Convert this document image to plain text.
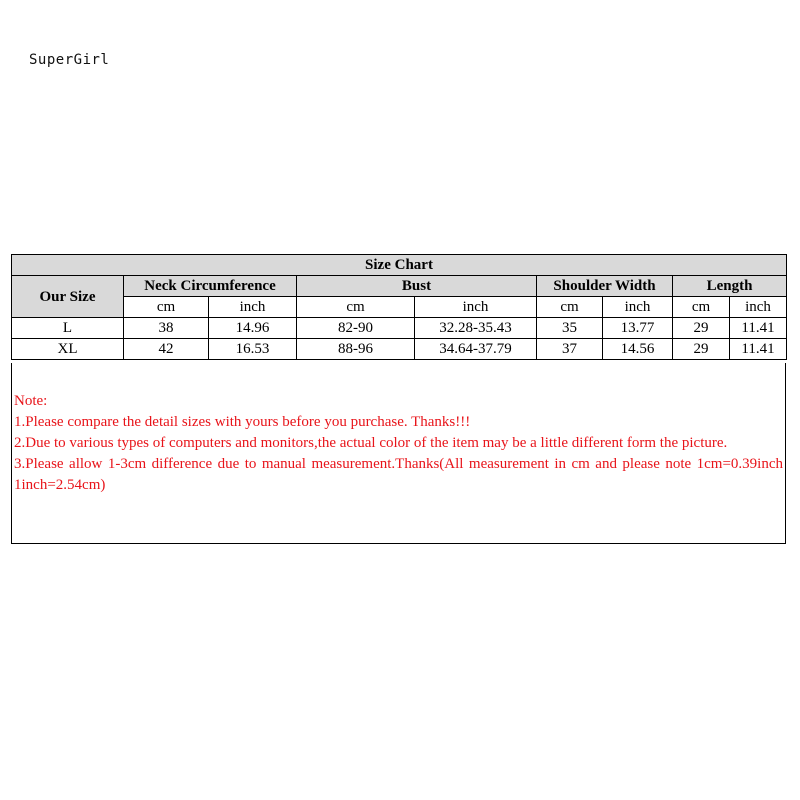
SuperGirl
Size Chart								
Our Size	Neck Circumference		Bust		Shoulder Width		Length	
	cm	inch	cm	inch	cm	inch	cm	inch
L	38	14.96	82-90	32.28-35.43	35	13.77	29	11.41
XL	42	16.53	88-96	34.64-37.79	37	14.56	29	11.41

Note:

1.Please compare the detail sizes with yours before you purchase. Thanks!!!

2.Due to various types of computers and monitors,the actual color of the item may be a little different form the picture.

3.Please allow 1-3cm difference due to manual measurement.Thanks(All measurement in cm and please note 1cm=0.39inch 1inch=2.54cm)
